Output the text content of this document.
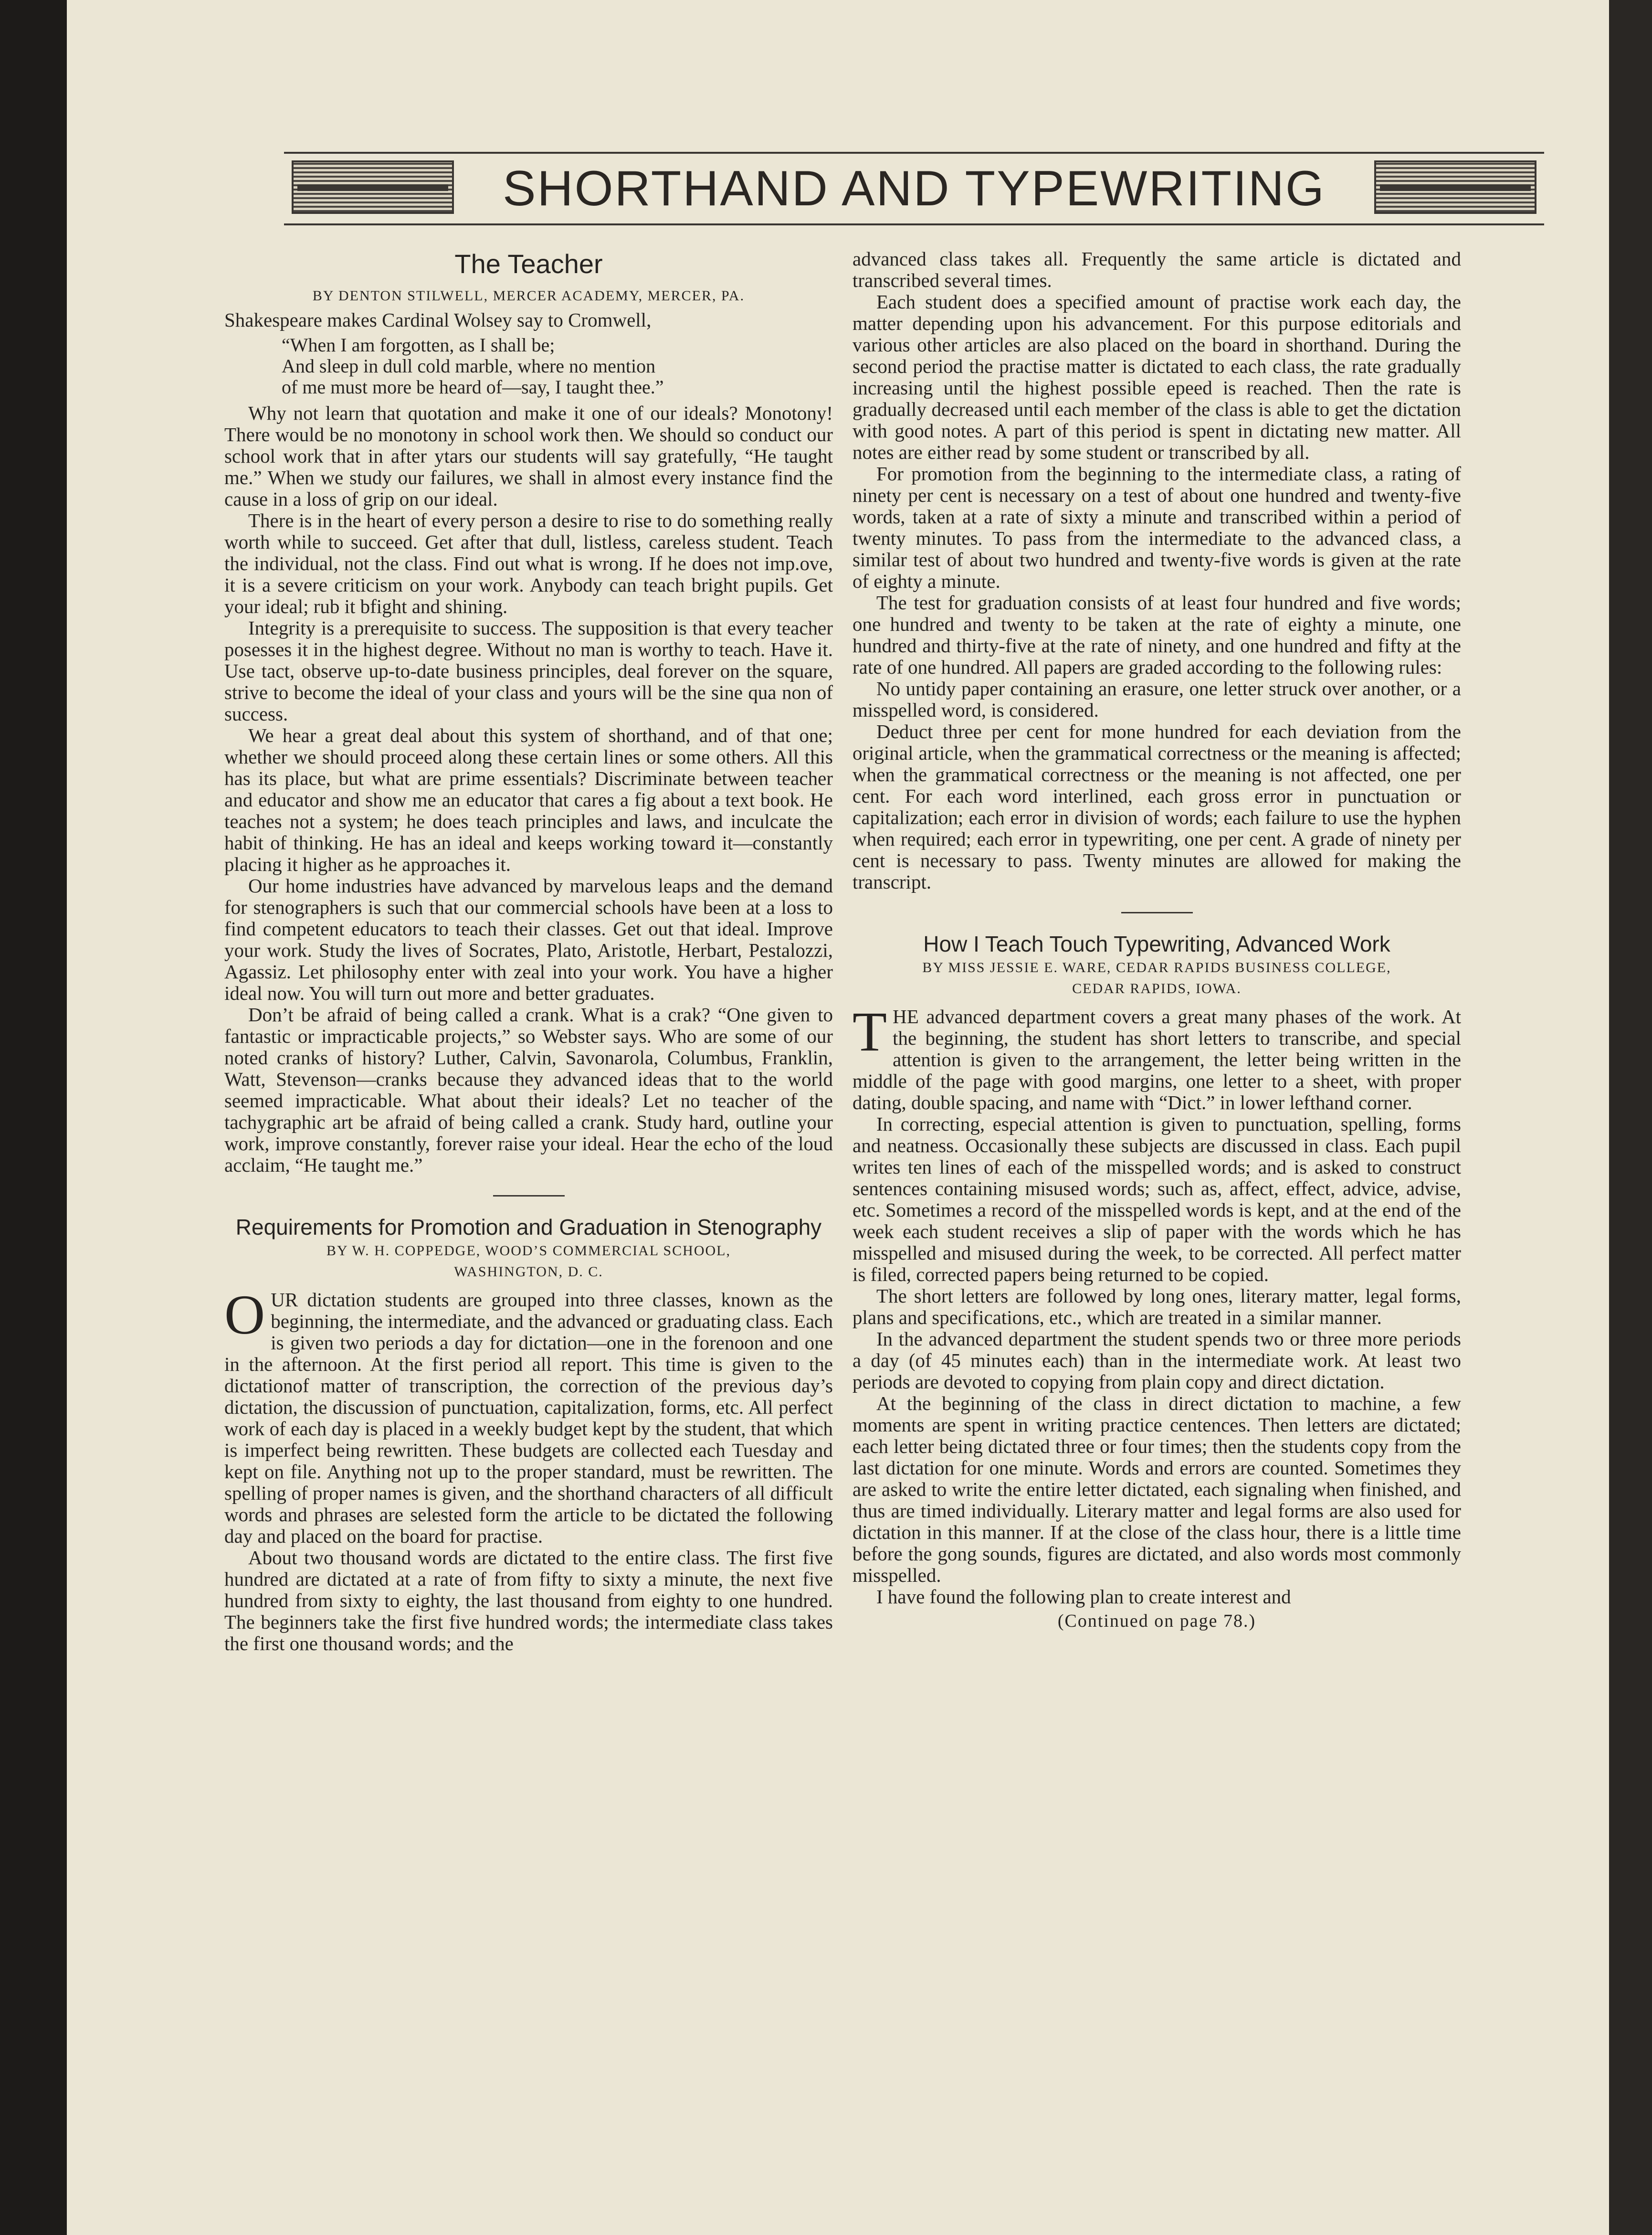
SHORTHAND AND TYPEWRITING
The Teacher
BY DENTON STILWELL, MERCER ACADEMY, MERCER, PA.

Shakespeare makes Cardinal Wolsey say to Cromwell,

“When I am forgotten, as I shall be;
And sleep in dull cold marble, where no mention
of me must more be heard of—say, I taught thee.”

Why not learn that quotation and make it one of our ideals? Monotony! There would be no monotony in school work then. We should so conduct our school work that in after ytars our students will say gratefully, “He taught me.” When we study our failures, we shall in almost every instance find the cause in a loss of grip on our ideal.

There is in the heart of every person a desire to rise to do something really worth while to succeed. Get after that dull, listless, careless student. Teach the individual, not the class. Find out what is wrong. If he does not imp.ove, it is a severe criticism on your work. Anybody can teach bright pupils. Get your ideal; rub it bfight and shining.

Integrity is a prerequisite to success. The supposition is that every teacher posesses it in the highest degree. Without no man is worthy to teach. Have it. Use tact, observe up-to-date business principles, deal forever on the square, strive to become the ideal of your class and yours will be the sine qua non of success.

We hear a great deal about this system of shorthand, and of that one; whether we should proceed along these certain lines or some others. All this has its place, but what are prime essentials? Discriminate between teacher and educator and show me an educator that cares a fig about a text book. He teaches not a system; he does teach principles and laws, and inculcate the habit of thinking. He has an ideal and keeps working toward it—constantly placing it higher as he approaches it.

Our home industries have advanced by marvelous leaps and the demand for stenographers is such that our commercial schools have been at a loss to find competent educators to teach their classes. Get out that ideal. Improve your work. Study the lives of Socrates, Plato, Aristotle, Herbart, Pestalozzi, Agassiz. Let philosophy enter with zeal into your work. You have a higher ideal now. You will turn out more and better graduates.

Don’t be afraid of being called a crank. What is a crak? “One given to fantastic or impracticable projects,” so Webster says. Who are some of our noted cranks of history? Luther, Calvin, Savonarola, Columbus, Franklin, Watt, Stevenson—cranks because they advanced ideas that to the world seemed impracticable. What about their ideals? Let no teacher of the tachygraphic art be afraid of being called a crank. Study hard, outline your work, improve constantly, forever raise your ideal. Hear the echo of the loud acclaim, “He taught me.”

Requirements for Promotion and Graduation in Stenography
BY W. H. COPPEDGE, WOOD’S COMMERCIAL SCHOOL,
WASHINGTON, D. C.

OUR dictation students are grouped into three classes, known as the beginning, the intermediate, and the advanced or graduating class. Each is given two periods a day for dictation—one in the forenoon and one in the afternoon. At the first period all report. This time is given to the dictationof matter of transcription, the correction of the previous day’s dictation, the discussion of punctuation, capitalization, forms, etc. All perfect work of each day is placed in a weekly budget kept by the student, that which is imperfect being rewritten. These budgets are collected each Tuesday and kept on file. Anything not up to the proper standard, must be rewritten. The spelling of proper names is given, and the shorthand characters of all difficult words and phrases are selested form the article to be dictated the following day and placed on the board for practise.

About two thousand words are dictated to the entire class. The first five hundred are dictated at a rate of from fifty to sixty a minute, the next five hundred from sixty to eighty, the last thousand from eighty to one hundred. The beginners take the first five hundred words; the intermediate class takes the first one thousand words; and the

advanced class takes all. Frequently the same article is dictated and transcribed several times.

Each student does a specified amount of practise work each day, the matter depending upon his advancement. For this purpose editorials and various other articles are also placed on the board in shorthand. During the second period the practise matter is dictated to each class, the rate gradually increasing until the highest possible epeed is reached. Then the rate is gradually decreased until each member of the class is able to get the dictation with good notes. A part of this period is spent in dictating new matter. All notes are either read by some student or transcribed by all.

For promotion from the beginning to the intermediate class, a rating of ninety per cent is necessary on a test of about one hundred and twenty-five words, taken at a rate of sixty a minute and transcribed within a period of twenty minutes. To pass from the intermediate to the advanced class, a similar test of about two hundred and twenty-five words is given at the rate of eighty a minute.

The test for graduation consists of at least four hundred and five words; one hundred and twenty to be taken at the rate of eighty a minute, one hundred and thirty-five at the rate of ninety, and one hundred and fifty at the rate of one hundred. All papers are graded according to the following rules:

No untidy paper containing an erasure, one letter struck over another, or a misspelled word, is considered.

Deduct three per cent for mone hundred for each deviation from the original article, when the grammatical correctness or the meaning is affected; when the grammatical correctness or the meaning is not affected, one per cent. For each word interlined, each gross error in punctuation or capitalization; each error in division of words; each failure to use the hyphen when required; each error in typewriting, one per cent. A grade of ninety per cent is necessary to pass. Twenty minutes are allowed for making the transcript.

How I Teach Touch Typewriting, Advanced Work
BY MISS JESSIE E. WARE, CEDAR RAPIDS BUSINESS COLLEGE,
CEDAR RAPIDS, IOWA.

THE advanced department covers a great many phases of the work. At the beginning, the student has short letters to transcribe, and special attention is given to the arrangement, the letter being written in the middle of the page with good margins, one letter to a sheet, with proper dating, double spacing, and name with “Dict.” in lower lefthand corner.

In correcting, especial attention is given to punctuation, spelling, forms and neatness. Occasionally these subjects are discussed in class. Each pupil writes ten lines of each of the misspelled words; and is asked to construct sentences containing misused words; such as, affect, effect, advice, advise, etc. Sometimes a record of the misspelled words is kept, and at the end of the week each student receives a slip of paper with the words which he has misspelled and misused during the week, to be corrected. All perfect matter is filed, corrected papers being returned to be copied.

The short letters are followed by long ones, literary matter, legal forms, plans and specifications, etc., which are treated in a similar manner.

In the advanced department the student spends two or three more periods a day (of 45 minutes each) than in the intermediate work. At least two periods are devoted to copying from plain copy and direct dictation.

At the beginning of the class in direct dictation to machine, a few moments are spent in writing practice centences. Then letters are dictated; each letter being dictated three or four times; then the students copy from the last dictation for one minute. Words and errors are counted. Sometimes they are asked to write the entire letter dictated, each signaling when finished, and thus are timed individually. Literary matter and legal forms are also used for dictation in this manner. If at the close of the class hour, there is a little time before the gong sounds, figures are dictated, and also words most commonly misspelled.

I have found the following plan to create interest and

(Continued on page 78.)
